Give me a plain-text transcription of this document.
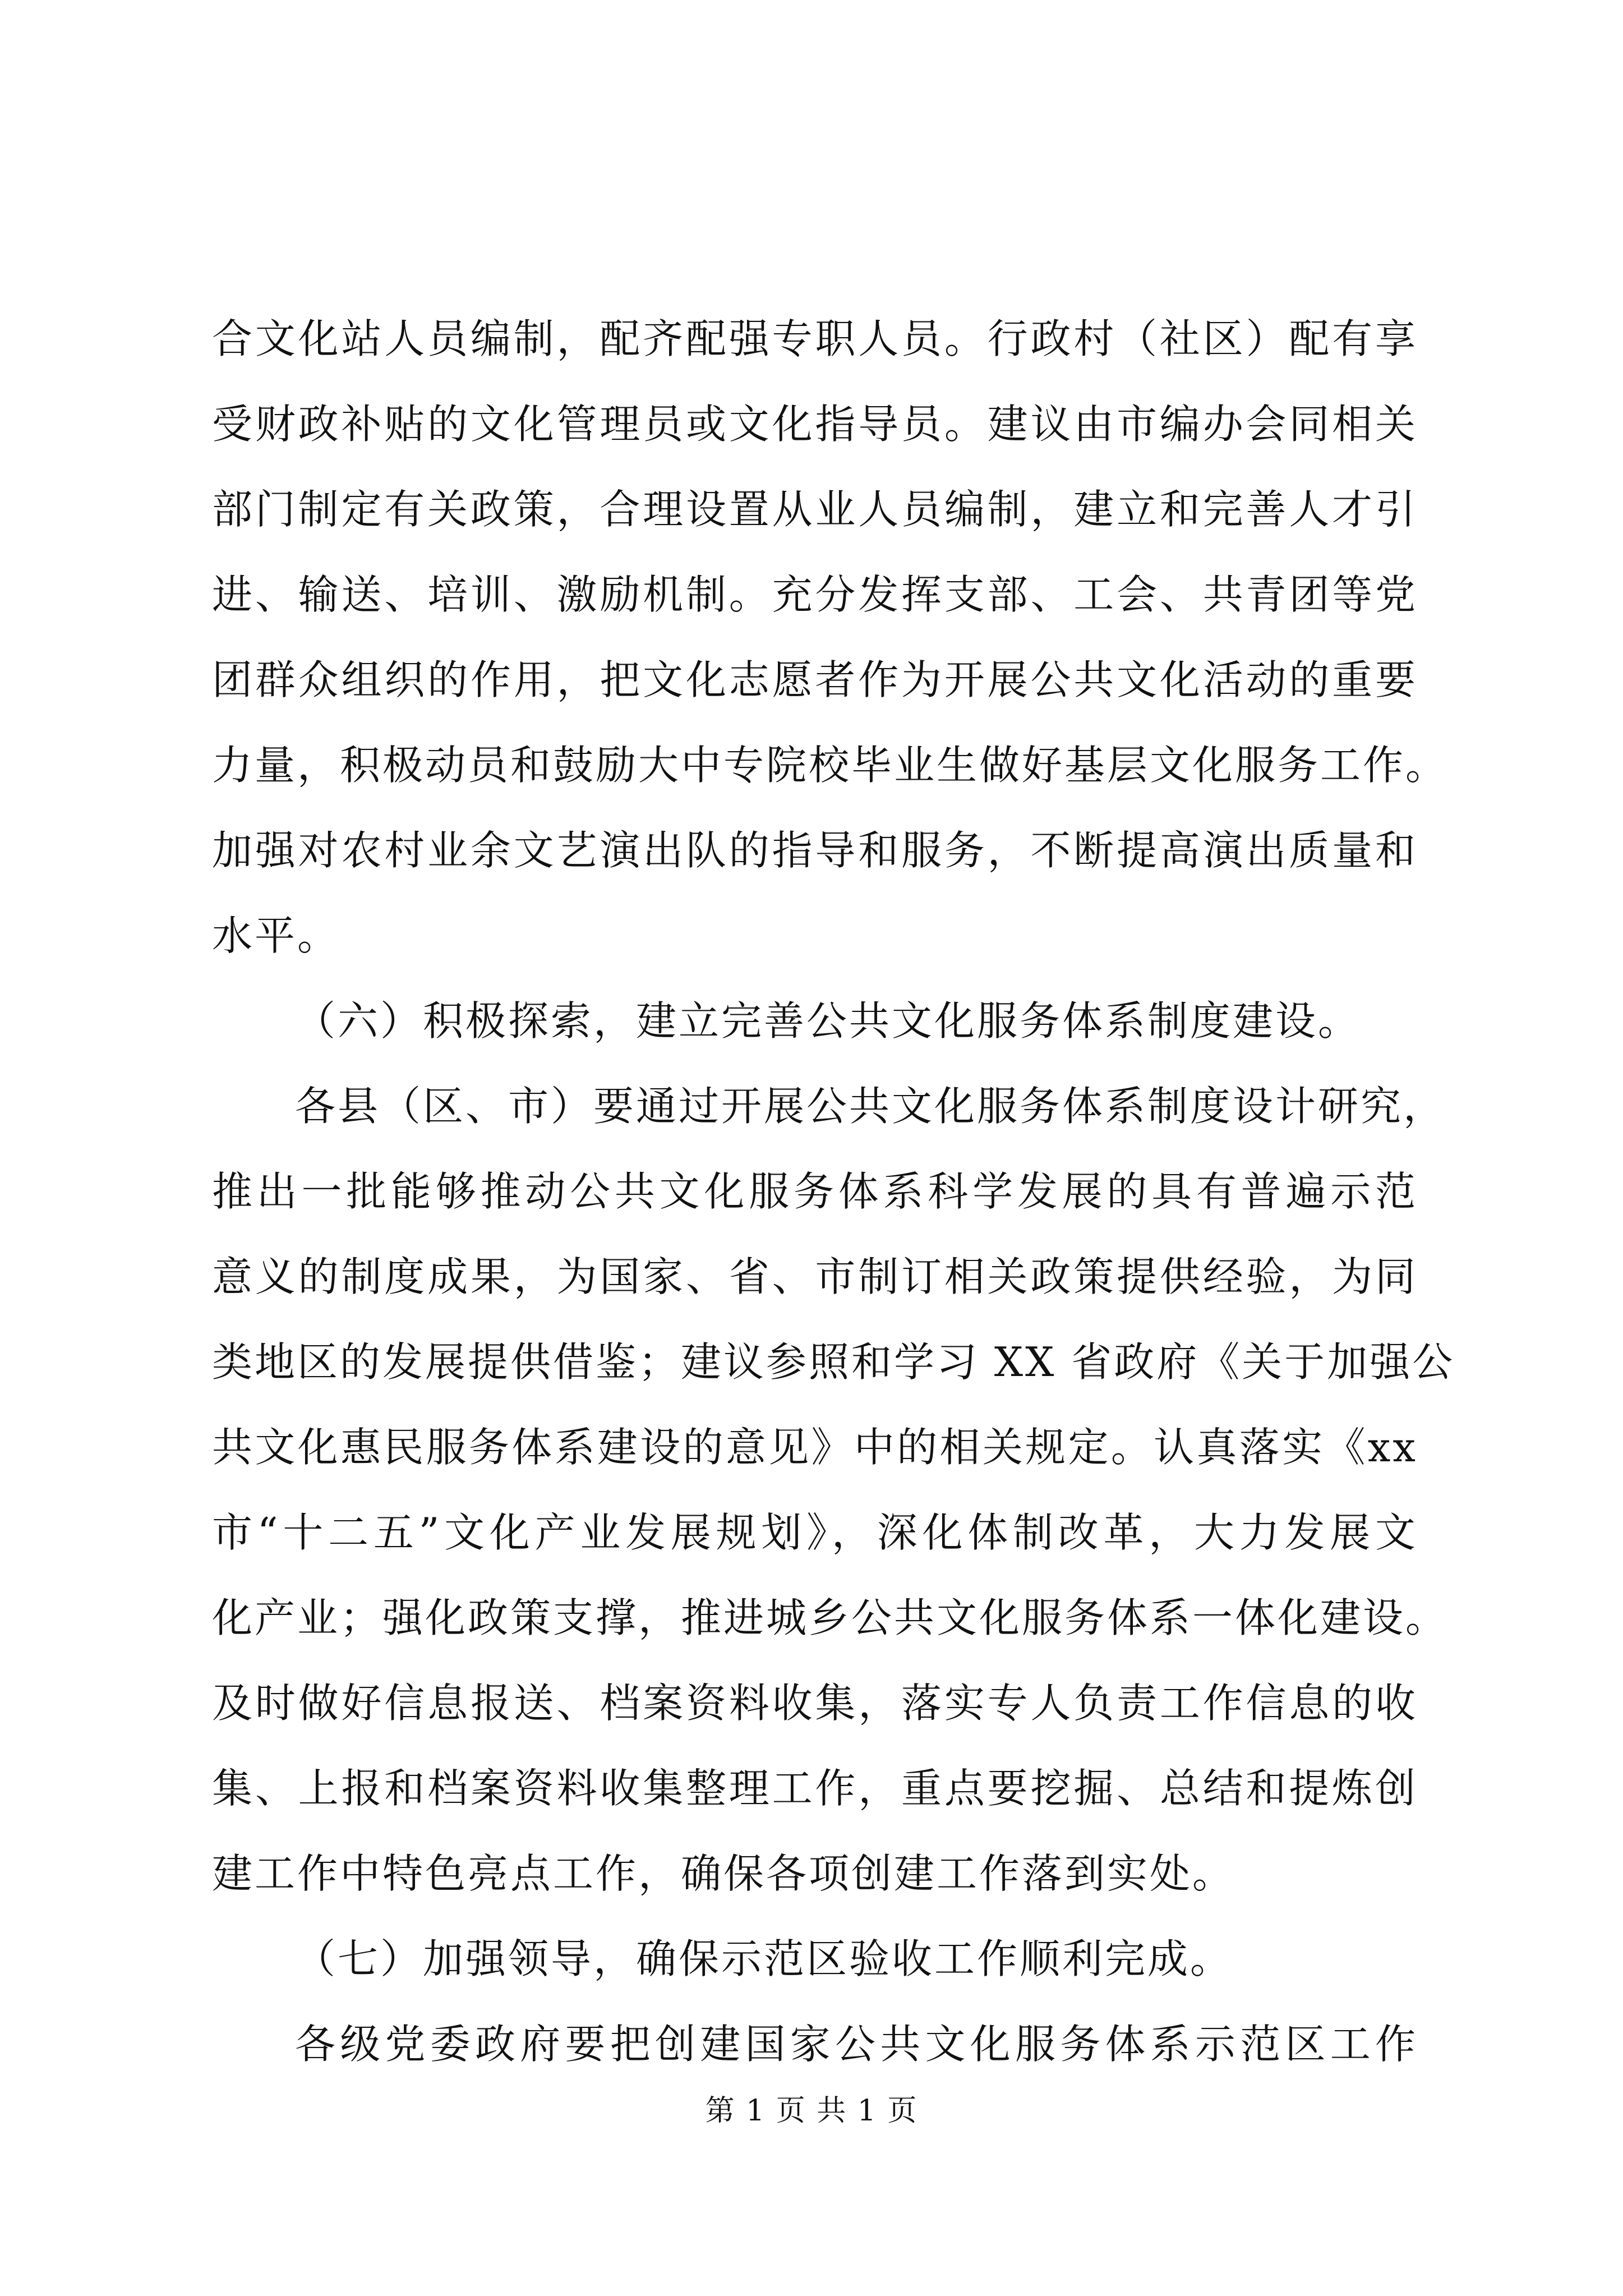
合文化站人员编制，配齐配强专职人员。行政村（社区）配有享
受财政补贴的文化管理员或文化指导员。建议由市编办会同相关
部门制定有关政策，合理设置从业人员编制，建立和完善人才引
进、输送、培训、激励机制。充分发挥支部、工会、共青团等党
团群众组织的作用，把文化志愿者作为开展公共文化活动的重要
力量，积极动员和鼓励大中专院校毕业生做好基层文化服务工作。
加强对农村业余文艺演出队的指导和服务，不断提高演出质量和
水平。
（六）积极探索，建立完善公共文化服务体系制度建设。
各县（区、市）要通过开展公共文化服务体系制度设计研究，
推出一批能够推动公共文化服务体系科学发展的具有普遍示范
意义的制度成果，为国家、省、市制订相关政策提供经验，为同
类地区的发展提供借鉴；建议参照和学习 XX 省政府《关于加强公
共文化惠民服务体系建设的意见》中的相关规定。认真落实《xx
市“十二五”文化产业发展规划》，深化体制改革，大力发展文
化产业；强化政策支撑，推进城乡公共文化服务体系一体化建设。
及时做好信息报送、档案资料收集，落实专人负责工作信息的收
集、上报和档案资料收集整理工作，重点要挖掘、总结和提炼创
建工作中特色亮点工作，确保各项创建工作落到实处。
（七）加强领导，确保示范区验收工作顺利完成。
各级党委政府要把创建国家公共文化服务体系示范区工作
第 1 页 共 1 页
